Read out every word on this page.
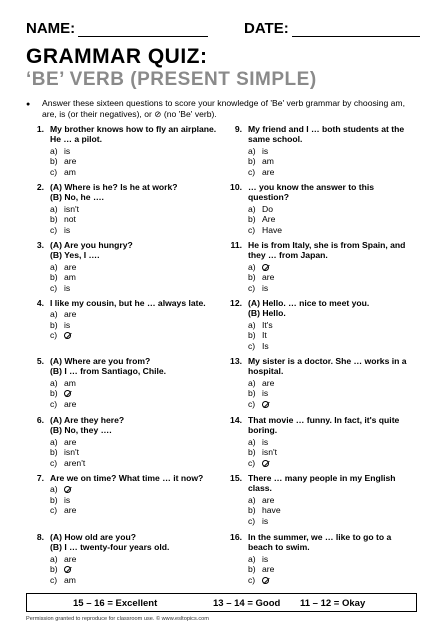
NAME:	DATE:
GRAMMAR QUIZ:
‘BE’ VERB (PRESENT SIMPLE)
● Answer these sixteen questions to score your knowledge of 'Be' verb grammar by choosing am, are, is (or their negatives), or ⊘ (no 'Be' verb).
1. My brother knows how to fly an airplane. He … a pilot.
a) is
b) are
c) am
2. (A) Where is he? Is he at work?
(B) No, he ….
a) isn't
b) not
c) is
3. (A) Are you hungry?
(B) Yes, I ….
a) are
b) am
c) is
4. I like my cousin, but he … always late.
a) are
b) is
c)
5. (A) Where are you from?
(B) I … from Santiago, Chile.
a) am
b)
c) are
6. (A) Are they here?
(B) No, they ….
a) are
b) isn't
c) aren't
7. Are we on time? What time … it now?
a)
b) is
c) are
8. (A) How old are you?
(B) I … twenty-four years old.
a) are
b)
c) am
9. My friend and I … both students at the same school.
a) is
b) am
c) are
10. … you know the answer to this question?
a) Do
b) Are
c) Have
11. He is from Italy, she is from Spain, and they … from Japan.
a)
b) are
c) is
12. (A) Hello. … nice to meet you.
(B) Hello.
a) It's
b) It
c) Is
13. My sister is a doctor. She … works in a hospital.
a) are
b) is
c)
14. That movie … funny. In fact, it's quite boring.
a) is
b) isn't
c)
15. There … many people in my English class.
a) are
b) have
c) is
16. In the summer, we … like to go to a beach to swim.
a) is
b) are
c)
15 – 16 = Excellent	13 – 14 = Good 11 – 12 = Okay
Permission granted to reproduce for classroom use. © www.esltopics.com
